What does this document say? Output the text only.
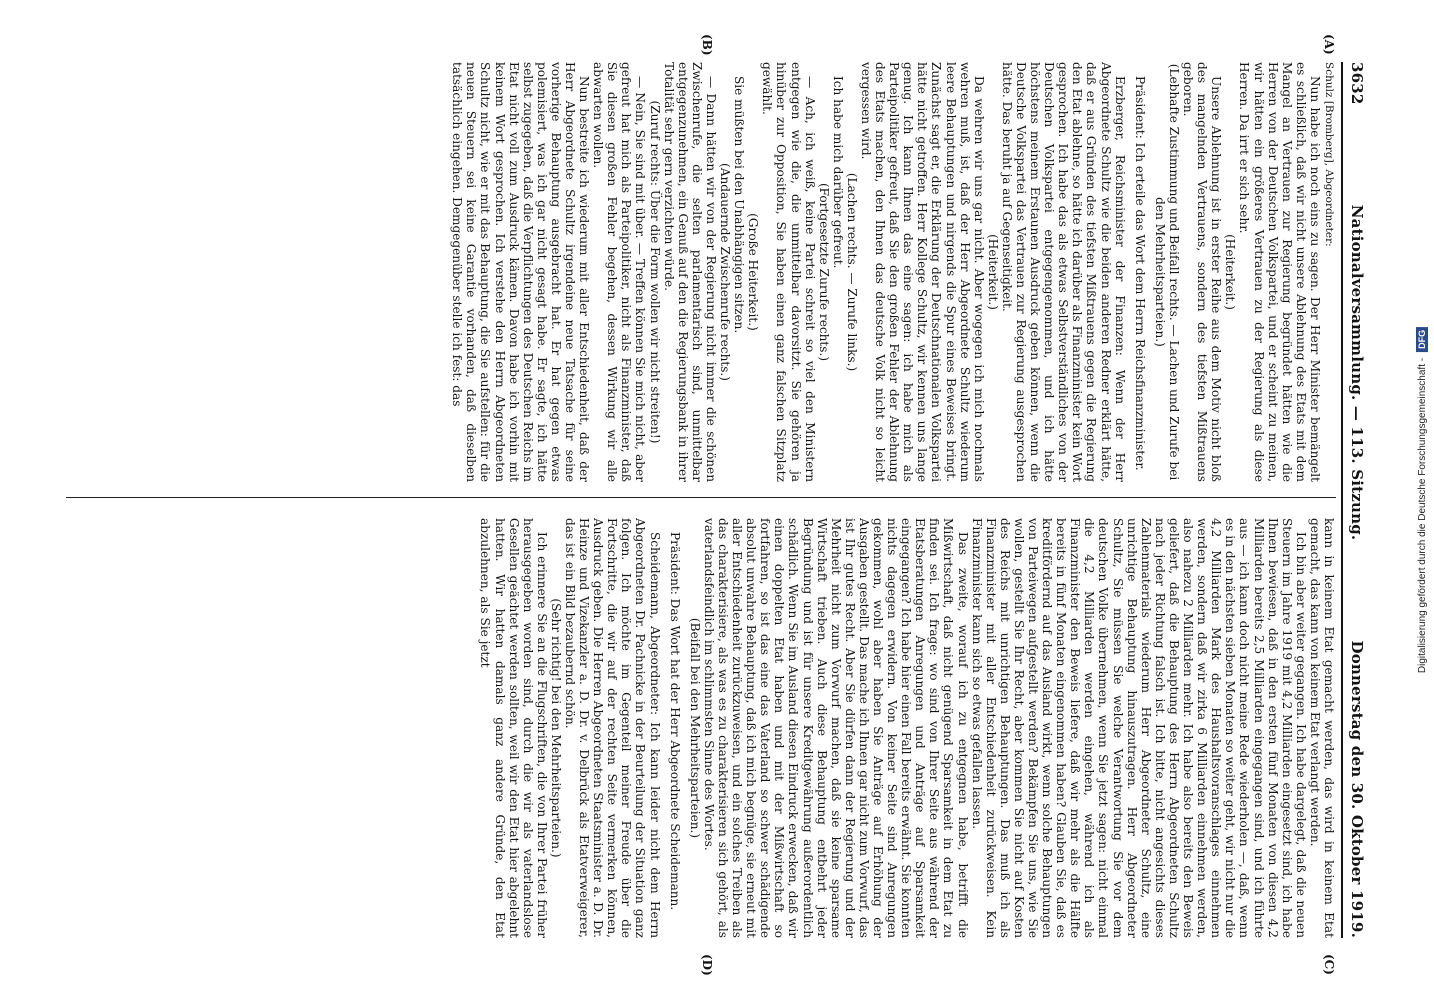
3632
Nationalversammlung. — 113. Sitzung.
Donnerstag den 30. Oktober 1919.
(A)
(B)
(C)
(D)

Schulz [Bromberg], Abgeordneter:

Nun habe ich noch eins zu sagen. Der Herr Minister bemängelt es schließlich, daß wir nicht unsere Ablehnung des Etats mit dem Mangel an Vertrauen zur Regierung begründet hätten wie die Herren von der Deutschen Volkspartei, und er scheint zu meinen, wir hätten ein größeres Vertrauen zu der Regierung als diese Herren. Da irrt er sich sehr.

(Heiterkeit.)

Unsere Ablehnung ist in erster Reihe aus dem Motiv nicht bloß des mangelnden Vertrauens, sondern des tiefsten Mißtrauens geboren.

(Lebhafte Zustimmung und Beifall rechts. — Lachen und Zurufe bei den Mehrheitsparteien.)

Präsident: Ich erteile das Wort dem Herrn Reichsfinanzminister.

Erzberger, Reichsminister der Finanzen: Wenn der Herr Abgeordnete Schultz wie die beiden anderen Redner erklärt hätte, daß er aus Gründen des tiefsten Mißtrauens gegen die Regierung den Etat ablehne, so hätte ich darüber als Finanzminister kein Wort gesprochen. Ich habe das als etwas Selbstverständliches von der Deutschen Volkspartei entgegengenommen, und ich hätte höchstens meinem Erstaunen Ausdruck geben können, wenn die Deutsche Volkspartei das Vertrauen zur Regierung ausgesprochen hätte. Das beruht ja auf Gegenseitigkeit.

(Heiterkeit.)

Da wehren wir uns gar nicht. Aber wogegen ich mich nochmals wehren muß, ist, daß der Herr Abgeordnete Schultz wiederum leere Behauptungen und nirgends die Spur eines Beweises bringt. Zunächst sagt er, die Erklärung der Deutschnationalen Volkspartei hätte nicht getroffen. Herr Kollege Schultz, wir kennen uns lange genug. Ich kann Ihnen das eine sagen: ich habe mich als Parteipolitiker gefreut, daß Sie den großen Fehler der Ablehnung des Etats machen, den Ihnen das deutsche Volk nicht so leicht vergessen wird.

(Lachen rechts. — Zurufe links.)

Ich habe mich darüber gefreut.

(Fortgesetzte Zurufe rechts.)

— Ach, ich weiß, keine Partei schreit so viel den Ministern entgegen wie die, die unmittelbar davorsitzt. Sie gehören ja hinüber zur Opposition, Sie haben einen ganz falschen Sitzplatz gewählt.

(Große Heiterkeit.)

Sie müßten bei den Unabhängigen sitzen.

(Andauernde Zwischenrufe rechts.)

— Dann hätten wir von der Regierung nicht immer die schönen Zwischenrufe, die selten parlamentarisch sind, unmittelbar entgegenzunehmen, ein Genuß auf den die Regierungsbank in ihrer Totalität sehr gern verzichten würde.

(Zuruf rechts: Über die Form wollen wir nicht streiten!)

— Nein, Sie sind mit über. — Treffen können Sie mich nicht, aber gefreut hat mich als Parteipolitiker, nicht als Finanzminister, daß Sie diesen großen Fehler begehen, dessen Wirkung wir alle abwarten wollen.

Nun bestreite ich wiederum mit aller Entschiedenheit, daß der Herr Abgeordnete Schultz irgendeine neue Tatsache für seine vorherige Behauptung ausgebracht hat. Er hat gegen etwas polemisiert, was ich gar nicht gesagt habe. Er sagte, ich hätte selbst zugegeben, daß die Verpflichtungen des Deutschen Reichs im Etat nicht voll zum Ausdruck kämen. Davon habe ich vorhin mit keinem Wort gesprochen. Ich verstehe den Herrn Abgeordneten Schultz nicht, wie er mit das Behauptung, die Sie aufstellen: für die neuen Steuern sei keine Garantie vorhanden, daß dieselben tatsächlich eingehen. Demgegenüber stelle ich fest: das

kann in keinem Etat gemacht werden, das wird in keinem Etat gemacht, das kann von keinem Etat verlangt werden.

Ich bin aber weiter gegangen. Ich habe dargelegt, daß die neuen Steuern im Jahre 1919 mit 4,2 Milliarden eingesetzt sind, ich habe Ihnen bewiesen, daß in den ersten fünf Monaten von diesen 4,2 Milliarden bereits 2,5 Milliarden eingegangen sind, und ich führte aus — ich kann doch nicht meine Rede wiederholen —, daß, wenn es in den nächsten sieben Monaten so weiter geht, wir nicht nur die 4,2 Milliarden Mark des Haushaltsvoranschlages einnehmen werden, sondern daß wir zirka 6 Milliarden einnehmen werden, also nahezu 2 Milliarden mehr. Ich habe also bereits den Beweis geliefert, daß die Behauptung des Herrn Abgeordneten Schultz nach jeder Richtung falsch ist. Ich bitte, nicht angesichts dieses Zahlenmaterials wiederum Herr Abgeordneter Schultz, eine unrichtige Behauptung hinauszutragen. Herr Abgeordneter Schultz, Sie müssen Sie welche Verantwortung Sie vor dem deutschen Volke übernehmen, wenn Sie jetzt sagen: nicht einmal die 4,2 Milliarden werden eingehen, während ich als Finanzminister den Beweis liefere, daß wir mehr als die Hälfte bereits in fünf Monaten eingenommen haben? Glauben Sie, daß es kreditfördernd auf das Ausland wirkt, wenn solche Behauptungen von Parteiwegen aufgestellt werden? Bekämpfen Sie uns, wie Sie wollen, gestellt Sie Ihr Recht, aber kommen Sie nicht auf Kosten des Reichs mit unrichtigen Behauptungen. Das muß ich als Finanzminister mit aller Entschiedenheit zurückweisen. Kein Finanzminister kann sich so etwas gefallen lassen.

Das zweite, worauf ich zu entgegnen habe, betrifft die Mißwirtschaft, daß nicht genügend Sparsamkeit in dem Etat zu finden sei. Ich frage: wo sind von Ihrer Seite aus während der Etatsberatungen Anregungen und Anträge auf Sparsamkeit eingegangen? Ich habe hier einen Fall bereits erwähnt. Sie konnten nichts dagegen erwidern. Von keiner Seite sind Anregungen gekommen, wohl aber haben Sie Anträge auf Erhöhung der Ausgaben gestellt. Das mache ich Ihnen gar nicht zum Vorwurf, das ist Ihr gutes Recht. Aber Sie dürfen dann der Regierung und der Mehrheit nicht zum Vorwurf machen, daß sie keine sparsame Wirtschaft trieben. Auch diese Behauptung entbehrt jeder Begründung und ist für unsere Kreditgewährung außerordentlich schädlich. Wenn Sie im Ausland diesen Eindruck erwecken, daß wir einen doppelten Etat haben und mit der Mißwirtschaft so fortfahren, so ist das eine das Vaterland so schwer schädigende absolut unwahre Behauptung, daß ich mich begnüge, sie erneut mit aller Entschiedenheit zurückzuweisen, und ein solches Treiben als das charakterisiere, als was es zu charakterisieren sich gehört, als vaterlandsfeindlich im schlimmsten Sinne des Wortes.

(Beifall bei den Mehrheitsparteien.)

Präsident: Das Wort hat der Herr Abgeordnete Scheidemann.

Scheidemann, Abgeordneter: Ich kann leider nicht dem Herrn Abgeordneten Dr. Pachnicke in der Beurteilung der Situation ganz folgen. Ich möchte im Gegenteil meiner Freude über die Fortschritte, die wir auf der rechten Seite vermerken können, Ausdruck geben. Die Herren Abgeordneten Staatsminister a. D. Dr. Heinze und Vizekanzler a. D. Dr. v. Delbrück als Etatverweigerer, das ist ein Bild bezaubernd schön.

(Sehr richtig! bei den Mehrheitsparteien.)

Ich erinnere Sie an die Flugschriften, die von Ihrer Partei früher herausgegeben worden sind, durch die wir als vaterlandslose Gesellen geächtet werden sollten, weil wir den Etat hier abgelehnt hatten. Wir hatten damals ganz andere Gründe, den Etat abzulehnen, als Sie jetzt	Digitalisierung gefördert durch die Deutsche Forschungsgemeinschaft -
DFG
